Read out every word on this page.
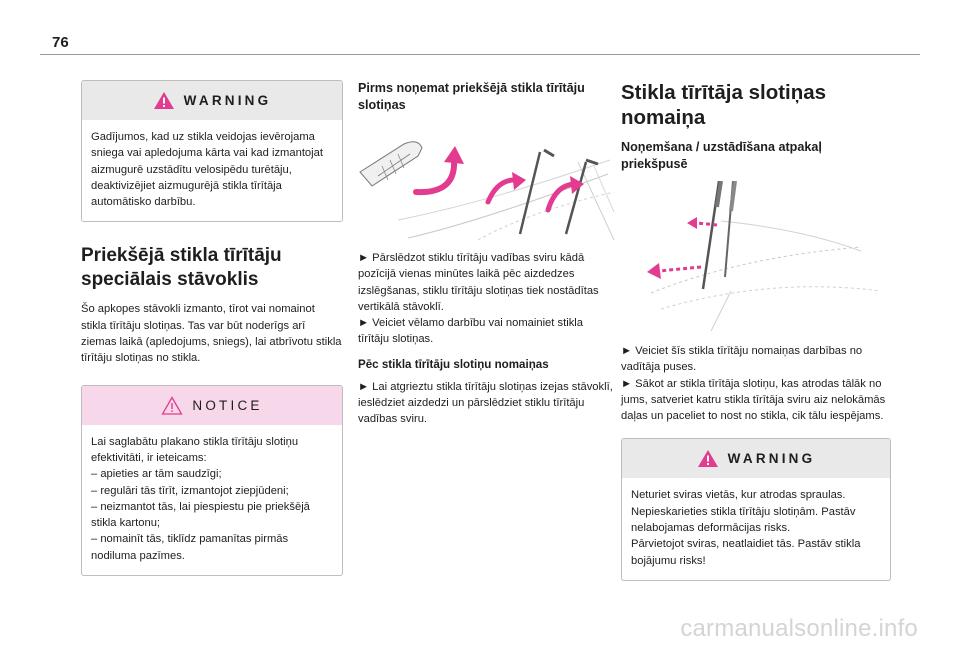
76
WARNING

Gadījumos, kad uz stikla veidojas ievērojama sniega vai apledojuma kārta vai kad izmantojat aizmugurē uzstādītu velosipēdu turētāju, deaktivizējiet aizmugurējā stikla tīrītāja automātisko darbību.

Priekšējā stikla tīrītāju speciālais stāvoklis

Šo apkopes stāvokli izmanto, tīrot vai nomainot stikla tīrītāju slotiņas. Tas var būt noderīgs arī ziemas laikā (apledojums, sniegs), lai atbrīvotu stikla tīrītāju slotiņas no stikla.

NOTICE

Lai saglabātu plakano stikla tīrītāju slotiņu efektivitāti, ir ieteicams:

– apieties ar tām saudzīgi;

– regulāri tās tīrīt, izmantojot ziepjūdeni;

– neizmantot tās, lai piespiestu pie priekšējā stikla kartonu;

– nomainīt tās, tiklīdz pamanītas pirmās nodiluma pazīmes.

Pirms noņemat priekšējā stikla tīrītāju slotiņas

► Pārslēdzot stiklu tīrītāju vadības sviru kādā pozīcijā vienas minūtes laikā pēc aizdedzes izslēgšanas, stiklu tīrītāju slotiņas tiek nostādītas vertikālā stāvoklī.

► Veiciet vēlamo darbību vai nomainiet stikla tīrītāju slotiņas.

Pēc stikla tīrītāju slotiņu nomaiņas

► Lai atgrieztu stikla tīrītāju slotiņas izejas stāvoklī, ieslēdziet aizdedzi un pārslēdziet stiklu tīrītāju vadības sviru.

Stikla tīrītāja slotiņas nomaiņa
Noņemšana / uzstādīšana atpakaļ priekšpusē

► Veiciet šīs stikla tīrītāju nomaiņas darbības no vadītāja puses.

► Sākot ar stikla tīrītāja slotiņu, kas atrodas tālāk no jums, satveriet katru stikla tīrītāja sviru aiz nelokāmās daļas un paceliet to nost no stikla, cik tālu iespējams.

WARNING

Neturiet sviras vietās, kur atrodas spraulas.

Nepieskarieties stikla tīrītāju slotiņām. Pastāv nelabojamas deformācijas risks.

Pārvietojot sviras, neatlaidiet tās. Pastāv stikla bojājumu risks!

carmanualsonline.info
